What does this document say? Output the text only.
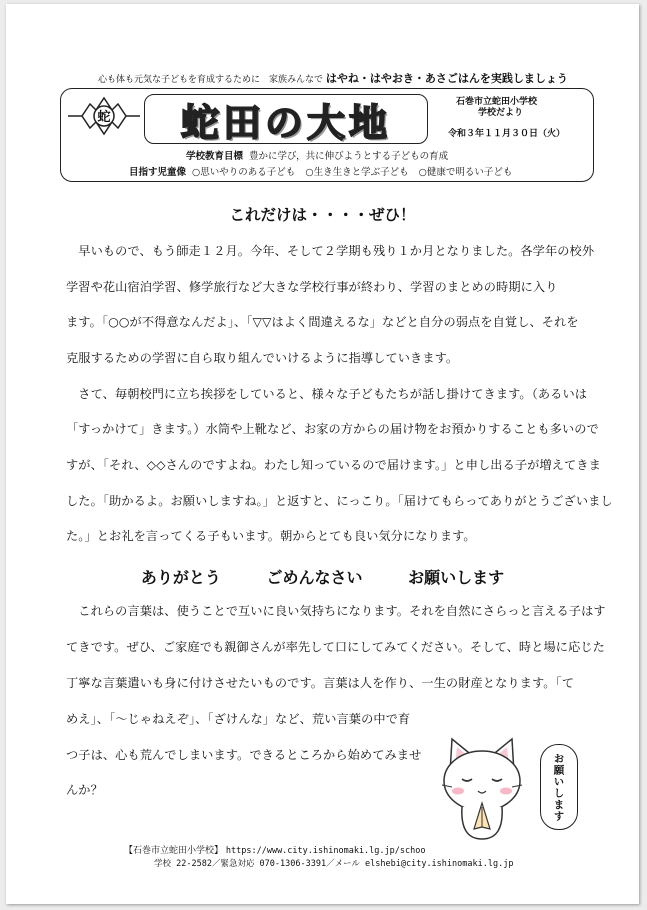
心も体も元気な子どもを育成するために　家族みんなで はやね・はやおき・あさごはんを実践しましょう
蛇 蛇田の大地	石巻市立蛇田小学校
学校だより
令和３年１１月３０日（火）
学校教育目標 豊かに学び，共に伸びようとする子どもの育成
目指す児童像 ○思いやりのある子ども ○生き生きと学ぶ子ども ○健康で明るい子ども
これだけは・・・・ぜひ！
　早いもので、もう師走１２月。今年、そして２学期も残り１か月となりました。各学年の校外
学習や花山宿泊学習、修学旅行など大きな学校行事が終わり、学習のまとめの時期に入り
ます。「○○が不得意なんだよ」、「▽▽はよく間違えるな」などと自分の弱点を自覚し、それを
克服するための学習に自ら取り組んでいけるように指導していきます。
　さて、毎朝校門に立ち挨拶をしていると、様々な子どもたちが話し掛けてきます。（あるいは
「すっかけて」きます。）水筒や上靴など、お家の方からの届け物をお預かりすることも多いので
すが、「それ、◇◇さんのですよね。わたし知っているので届けます。」と申し出る子が増えてきま
した。「助かるよ。お願いしますね。」と返すと、にっこり。「届けてもらってありがとうございまし
た。」とお礼を言ってくる子もいます。朝からとても良い気分になります。
ありがとう	ごめんなさい	お願いします
　これらの言葉は、使うことで互いに良い気持ちになります。それを自然にさらっと言える子はす
てきです。ぜひ、ご家庭でも親御さんが率先して口にしてみてください。そして、時と場に応じた
丁寧な言葉遣いも身に付けさせたいものです。言葉は人を作り、一生の財産となります。「て
めえ」、「～じゃねえぞ」、「ざけんな」など、荒い言葉の中で育
つ子は、心も荒んでしまいます。できるところから始めてみませ
んか？	お願いします
【石巻市立蛇田小学校】 https://www.city.ishinomaki.lg.jp/schoo
学校 22-2582／緊急対応 070-1306-3391／メール elshebi@city.ishinomaki.lg.jp
